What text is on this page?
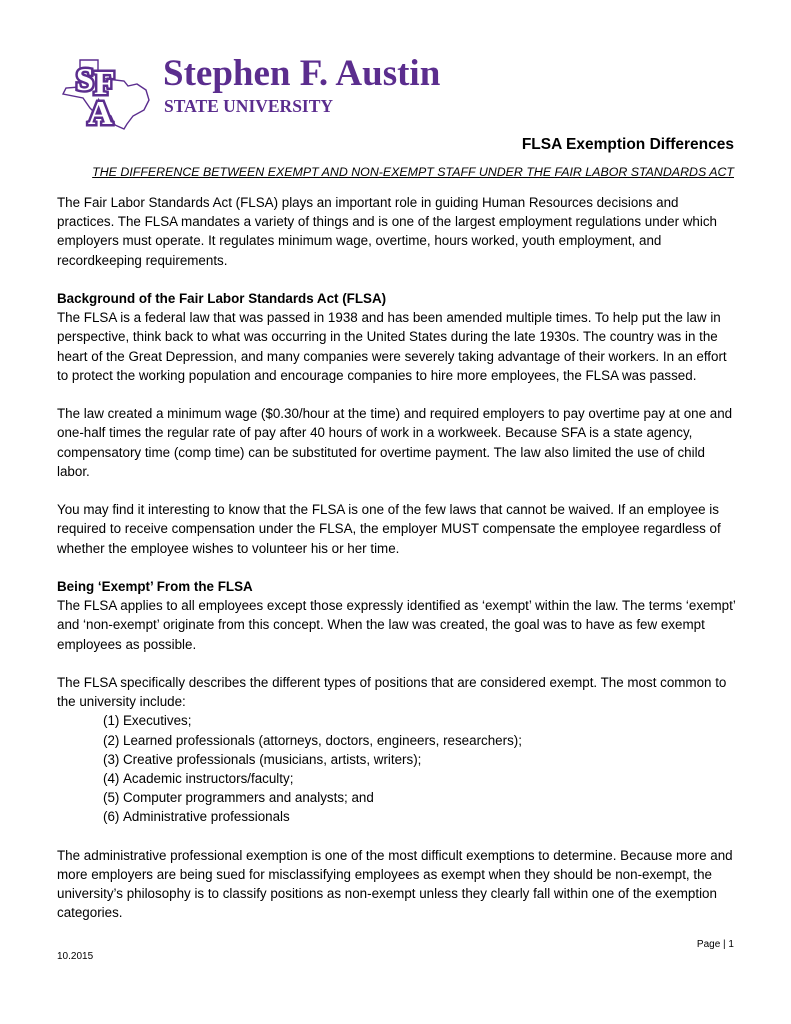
S F
A
Stephen F. Austin
STATE UNIVERSITY
FLSA Exemption Differences
THE DIFFERENCE BETWEEN EXEMPT AND NON-EXEMPT STAFF UNDER THE FAIR LABOR STANDARDS ACT

The Fair Labor Standards Act (FLSA) plays an important role in guiding Human Resources decisions and practices. The FLSA mandates a variety of things and is one of the largest employment regulations under which employers must operate. It regulates minimum wage, overtime, hours worked, youth employment, and recordkeeping requirements.

Background of the Fair Labor Standards Act (FLSA)

The FLSA is a federal law that was passed in 1938 and has been amended multiple times. To help put the law in perspective, think back to what was occurring in the United States during the late 1930s. The country was in the heart of the Great Depression, and many companies were severely taking advantage of their workers. In an effort to protect the working population and encourage companies to hire more employees, the FLSA was passed.

The law created a minimum wage ($0.30/hour at the time) and required employers to pay overtime pay at one and one-half times the regular rate of pay after 40 hours of work in a workweek. Because SFA is a state agency, compensatory time (comp time) can be substituted for overtime payment. The law also limited the use of child labor.

You may find it interesting to know that the FLSA is one of the few laws that cannot be waived. If an employee is required to receive compensation under the FLSA, the employer MUST compensate the employee regardless of whether the employee wishes to volunteer his or her time.

Being ‘Exempt’ From the FLSA

The FLSA applies to all employees except those expressly identified as ‘exempt’ within the law. The terms ‘exempt’ and ‘non-exempt’ originate from this concept. When the law was created, the goal was to have as few exempt employees as possible.

The FLSA specifically describes the different types of positions that are considered exempt. The most common to the university include:

(1) Executives;
(2) Learned professionals (attorneys, doctors, engineers, researchers);
(3) Creative professionals (musicians, artists, writers);
(4) Academic instructors/faculty;
(5) Computer programmers and analysts; and
(6) Administrative professionals

The administrative professional exemption is one of the most difficult exemptions to determine. Because more and more employers are being sued for misclassifying employees as exempt when they should be non-exempt, the university’s philosophy is to classify positions as non-exempt unless they clearly fall within one of the exemption categories.

Page | 1
10.2015
